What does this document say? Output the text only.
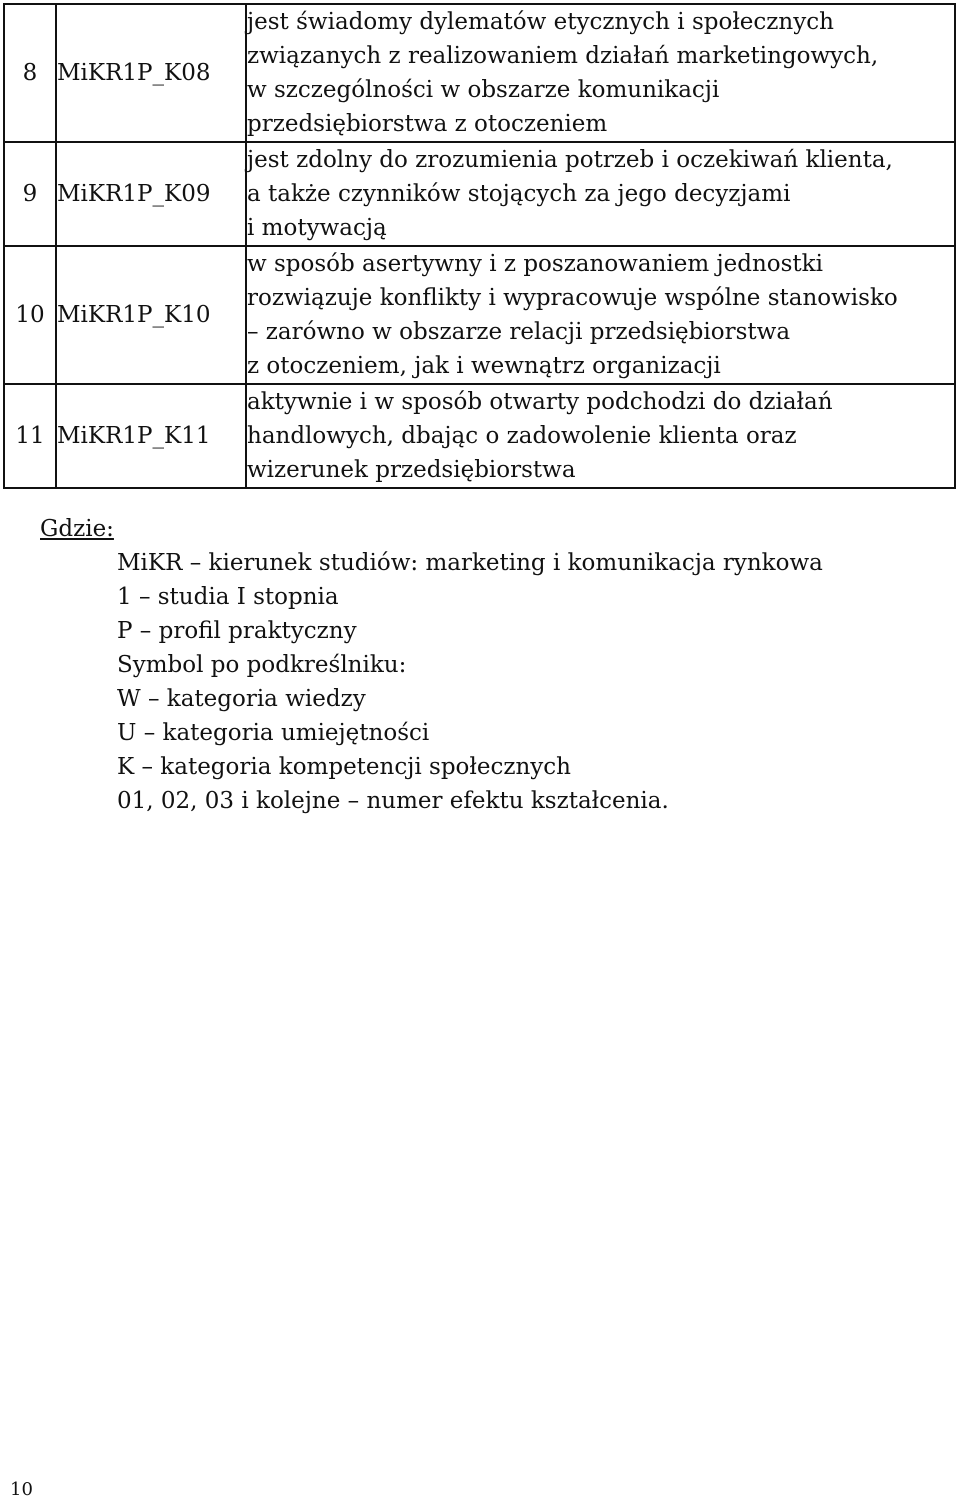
8	MiKR1P_K08	jest świadomy dylematów etycznych i społecznych
związanych z realizowaniem działań marketingowych,
w szczególności w obszarze komunikacji
przedsiębiorstwa z otoczeniem

9	MiKR1P_K09	jest zdolny do zrozumienia potrzeb i oczekiwań klienta,
a także czynników stojących za jego decyzjami
i motywacją

10	MiKR1P_K10	w sposób asertywny i z poszanowaniem jednostki
rozwiązuje konflikty i wypracowuje wspólne stanowisko
– zarówno w obszarze relacji przedsiębiorstwa
z otoczeniem, jak i wewnątrz organizacji

11	MiKR1P_K11	aktywnie i w sposób otwarty podchodzi do działań
handlowych, dbając o zadowolenie klienta oraz
wizerunek przedsiębiorstwa
Gdzie:
MiKR – kierunek studiów: marketing i komunikacja rynkowa
1 – studia I stopnia
P – profil praktyczny
Symbol po podkreślniku:
W – kategoria wiedzy
U – kategoria umiejętności
K – kategoria kompetencji społecznych
01, 02, 03 i kolejne – numer efektu kształcenia.
10
